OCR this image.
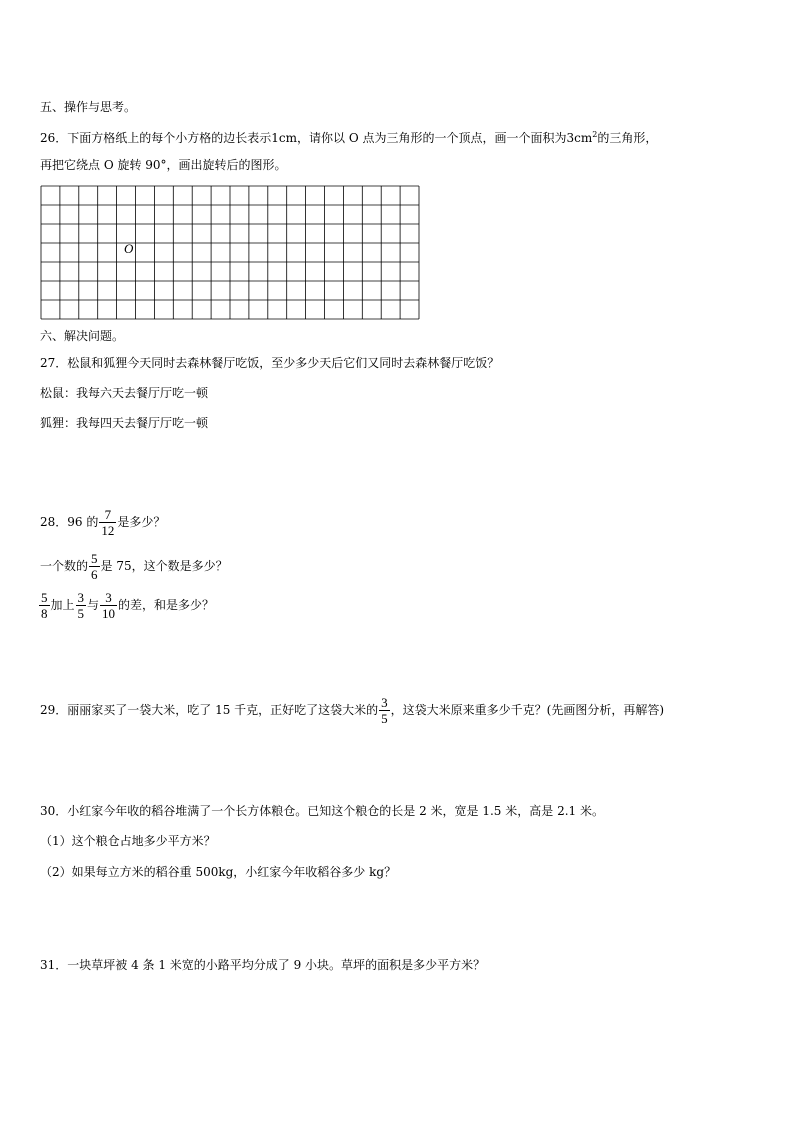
五、操作与思考。
26．下面方格纸上的每个小方格的边长表示1cm，请你以 O 点为三角形的一个顶点，画一个面积为$3cm^2$的三角形，
再把它绕点 O 旋转 90°，画出旋转后的图形。
O
六、解决问题。
27．松鼠和狐狸今天同时去森林餐厅吃饭，至少多少天后它们又同时去森林餐厅吃饭？
松鼠：我每六天去餐厅厅吃一顿
狐狸：我每四天去餐厅厅吃一顿
28．96 的 $\frac{7}{12}$ 是多少？
一个数的 $\frac{5}{6}$ 是 75，这个数是多少？
$\frac{5}{8}$ 加上 $\frac{3}{5}$ 与 $\frac{3}{10}$ 的差，和是多少？
29．丽丽家买了一袋大米，吃了 15 千克，正好吃了这袋大米的 $\frac{3}{5}$ ，这袋大米原来重多少千克？(先画图分析，再解答)
30．小红家今年收的稻谷堆满了一个长方体粮仓。已知这个粮仓的长是 2 米，宽是 1.5 米，高是 2.1 米。
（1）这个粮仓占地多少平方米？
（2）如果每立方米的稻谷重 500kg，小红家今年收稻谷多少 kg？
31．一块草坪被 4 条 1 米宽的小路平均分成了 9 小块。草坪的面积是多少平方米？
